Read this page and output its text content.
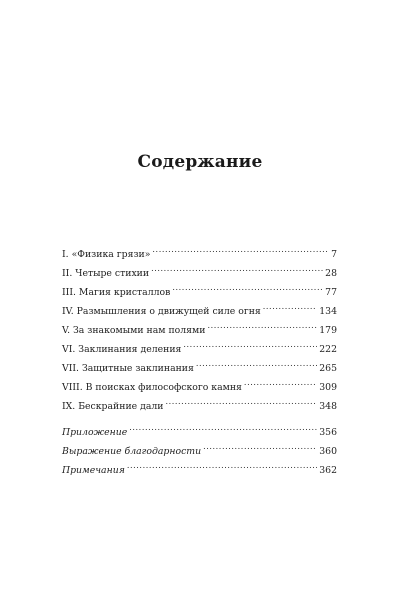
Содержание
I. «Физика грязи» .....	7
II. Четыре стихии .....	28
III. Магия кристаллов .....	77
IV. Размышления о движущей силе огня .....	134
V. За знакомыми нам полями .....	179
VI. Заклинания деления .....	222
VII. Защитные заклинания .....	265
VIII. В поисках философского камня .....	309
IX. Бескрайние дали .....	348
Приложение .....	356
Выражение благодарности .....	360
Примечания .....	362
